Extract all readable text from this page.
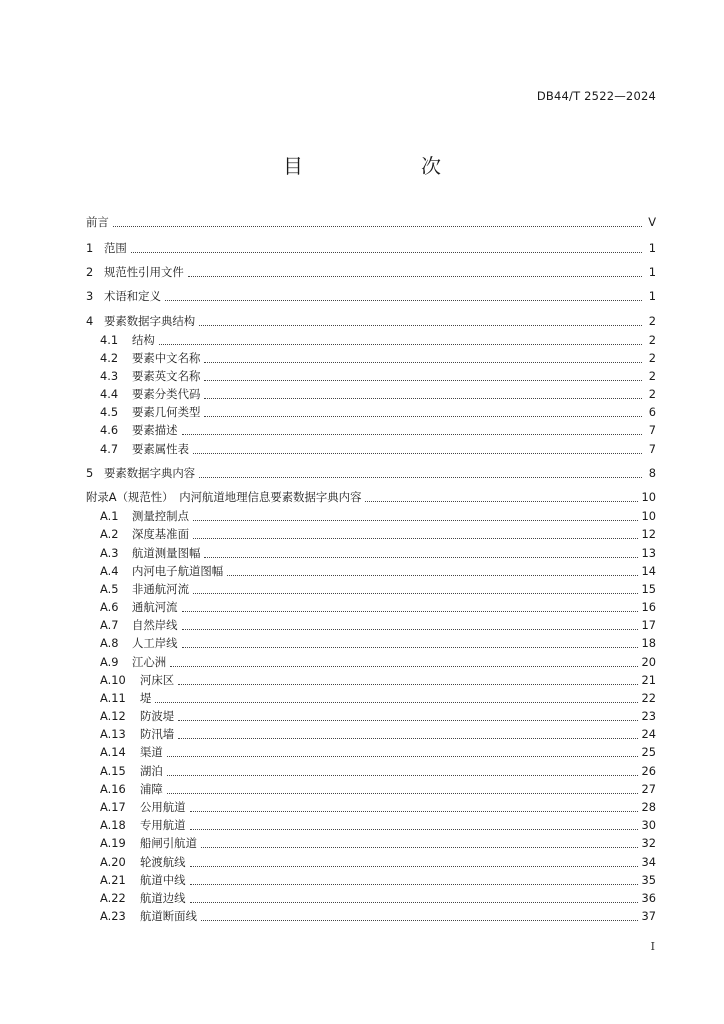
DB44/T 2522—2024
目　　次
前言	V
1 范围	1
2 规范性引用文件	1
3 术语和定义	1
4 要素数据字典结构	2
4.1	结构	2
4.2	要素中文名称	2
4.3	要素英文名称	2
4.4	要素分类代码	2
4.5	要素几何类型	6
4.6	要素描述	7
4.7	要素属性表	7
5 要素数据字典内容	8
附录A（规范性）　内河航道地理信息要素数据字典内容	10
A.1	测量控制点	10
A.2	深度基准面	12
A.3	航道测量图幅	13
A.4	内河电子航道图幅	14
A.5	非通航河流	15
A.6	通航河流	16
A.7	自然岸线	17
A.8	人工岸线	18
A.9	江心洲	20
A.10	河床区	21
A.11	堤	22
A.12	防波堤	23
A.13	防汛墙	24
A.14	渠道	25
A.15	湖泊	26
A.16	浦障	27
A.17	公用航道	28
A.18	专用航道	30
A.19	船闸引航道	32
A.20	轮渡航线	34
A.21	航道中线	35
A.22	航道边线	36
A.23	航道断面线	37
I
